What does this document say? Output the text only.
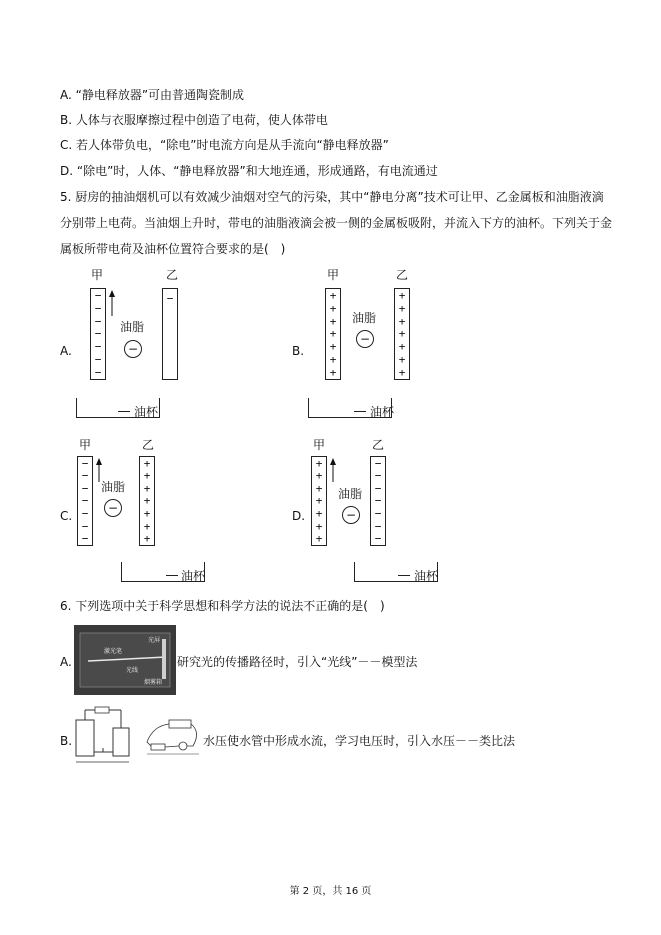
A. “静电释放器”可由普通陶瓷制成
B. 人体与衣服摩擦过程中创造了电荷，使人体带电
C. 若人体带负电，“除电”时电流方向是从手流向“静电释放器”
D. “除电”时，人体、“静电释放器”和大地连通，形成通路，有电流通过
5. 厨房的抽油烟机可以有效减少油烟对空气的污染，其中“静电分离”技术可让甲、乙金属板和油脂液滴
分别带上电荷。当油烟上升时，带电的油脂液滴会被一侧的金属板吸附，并流入下方的油杯。下列关于金
属板所带电荷及油杯位置符合要求的是(　)
甲	乙
−
−
−
−
−
−
−
−
油脂
−
A.
油杯
甲	乙
+
+
+
+
+
+
+
+
+
+
+
+
+
+
油脂
−
B.
油杯
甲	乙
−
−
−
−
−
−
−
+
+
+
+
+
+
+
油脂
−
C.
油杯
甲	乙
+
+
+
+
+
+
+
−
−
−
−
−
−
−
油脂
−
D.
油杯
6. 下列选项中关于科学思想和科学方法的说法不正确的是(　)
A.
激光笔
光屏
光线
烟雾箱
研究光的传播路径时，引入“光线”－－模型法
B.	水压使水管中形成水流，学习电压时，引入水压－－类比法
第 2 页，共 16 页
